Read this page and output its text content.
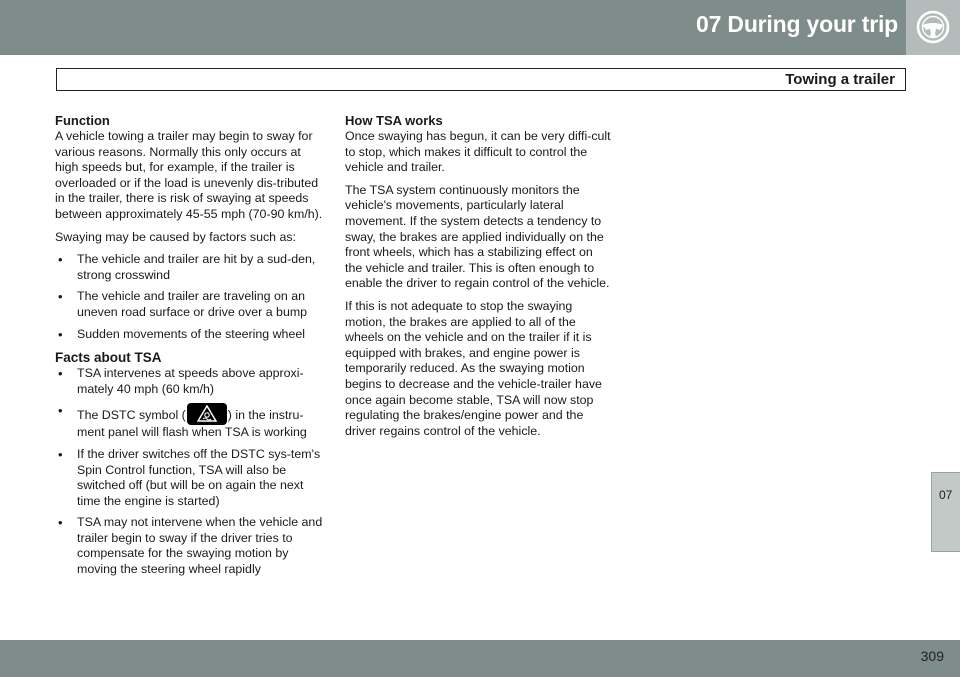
07 During your trip
Towing a trailer
Function

A vehicle towing a trailer may begin to sway for various reasons. Normally this only occurs at high speeds but, for example, if the trailer is overloaded or if the load is unevenly dis-tributed in the trailer, there is risk of swaying at speeds between approximately 45-55 mph (70-90 km/h).

Swaying may be caused by factors such as:

• The vehicle and trailer are hit by a sud-den, strong crosswind
• The vehicle and trailer are traveling on an uneven road surface or drive over a bump
• Sudden movements of the steering wheel
Facts about TSA
• TSA intervenes at speeds above approxi-mately 40 mph (60 km/h)
• The DSTC symbol (	) in the instru-ment panel will flash when TSA is working
• If the driver switches off the DSTC sys-tem's Spin Control function, TSA will also be switched off (but will be on again the next time the engine is started)
• TSA may not intervene when the vehicle and trailer begin to sway if the driver tries to compensate for the swaying motion by moving the steering wheel rapidly
How TSA works

Once swaying has begun, it can be very diffi-cult to stop, which makes it difficult to control the vehicle and trailer.

The TSA system continuously monitors the vehicle's movements, particularly lateral movement. If the system detects a tendency to sway, the brakes are applied individually on the front wheels, which has a stabilizing effect on the vehicle and trailer. This is often enough to enable the driver to regain control of the vehicle.

If this is not adequate to stop the swaying motion, the brakes are applied to all of the wheels on the vehicle and on the trailer if it is equipped with brakes, and engine power is temporarily reduced. As the swaying motion begins to decrease and the vehicle-trailer have once again become stable, TSA will now stop regulating the brakes/engine power and the driver regains control of the vehicle.

07
309
